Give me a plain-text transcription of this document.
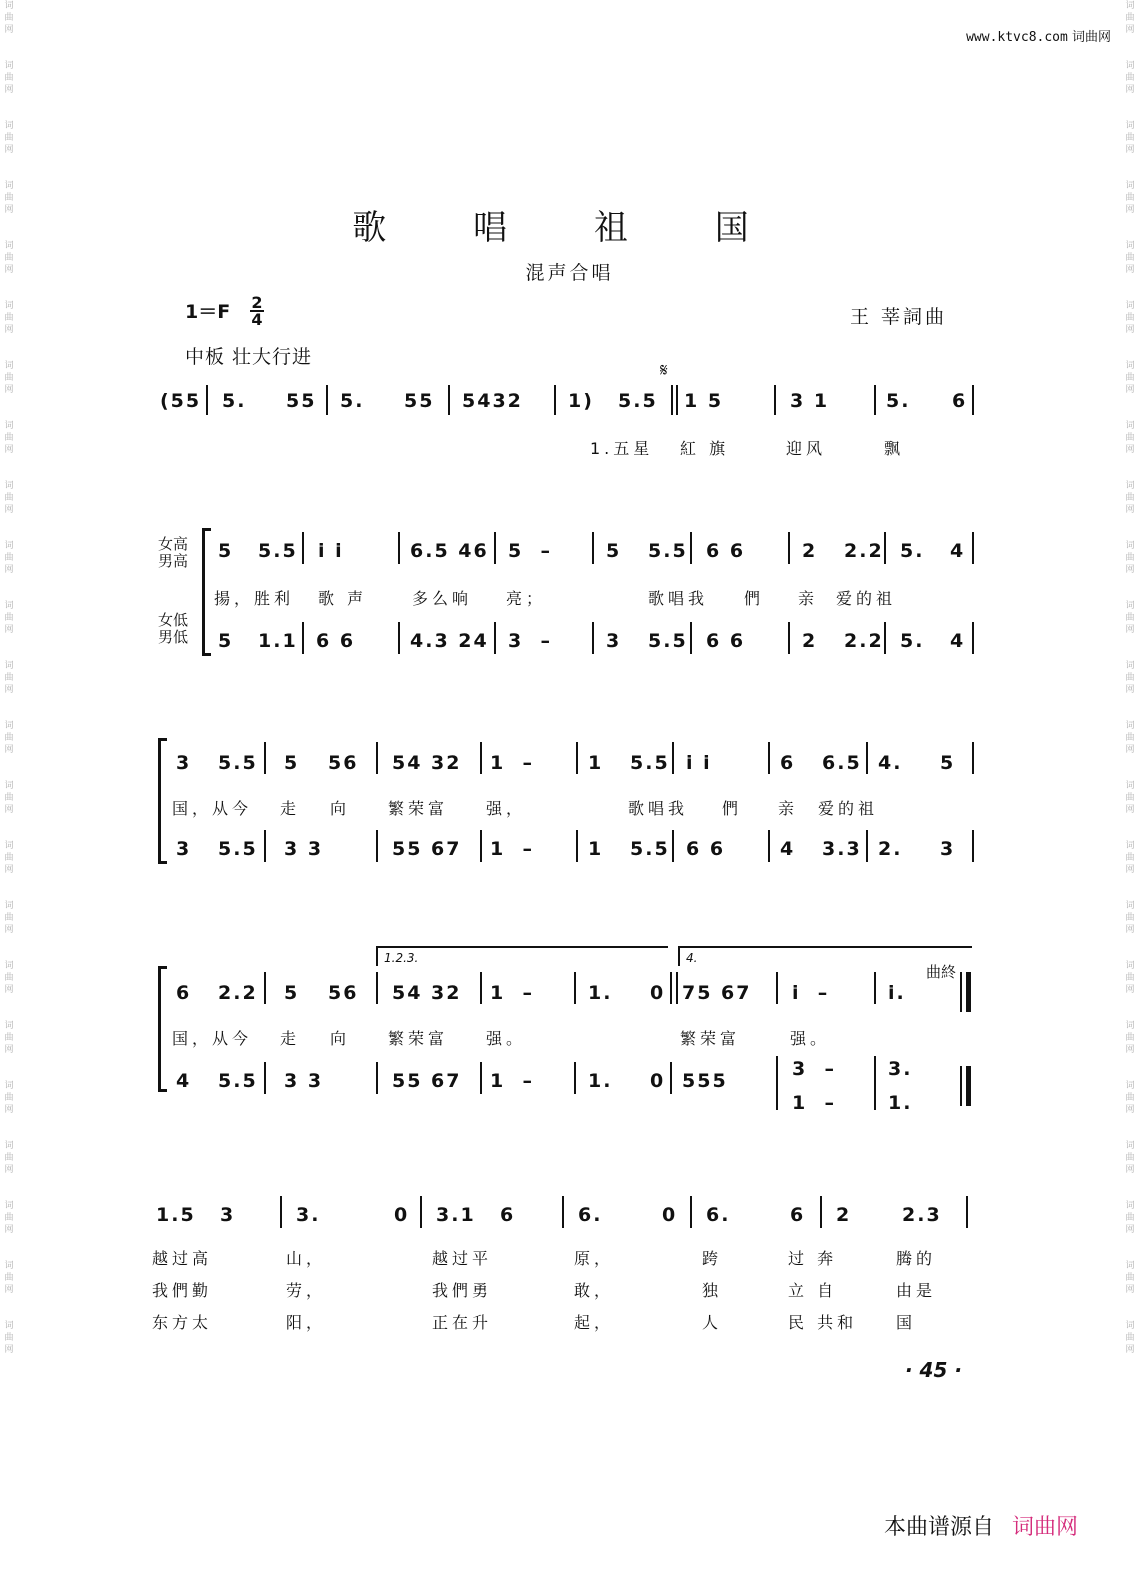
词
曲
网
词
曲
网
词
曲
网
词
曲
网
词
曲
网
词
曲
网
词
曲
网
词
曲
网
词
曲
网
词
曲
网
词
曲
网
词
曲
网
词
曲
网
词
曲
网
词
曲
网
词
曲
网
词
曲
网
词
曲
网
词
曲
网
词
曲
网
词
曲
网
词
曲
网
词
曲
网
词
曲
网
词
曲
网
词
曲
网
词
曲
网
词
曲
网
词
曲
网
词
曲
网
词
曲
网
词
曲
网
词
曲
网
词
曲
网
词
曲
网
词
曲
网
词
曲
网
词
曲
网
词
曲
网
词
曲
网
词
曲
网
词
曲
网
词
曲
网
词
曲
网
词
曲
网
词
曲
网
www.ktvc8.com 词曲网
歌 唱 祖 国
混声合唱
1＝F 2
4	王 莘詞曲
中板 壮大行进
(55 5. 55 5. 55 5432 1) 5.5 1 5	3 1	5. 6
𝄋
1.五星 紅 旗	迎风	飘
女高
男高
女低
男低
5 5.5 i i	6.5 46 5  –	5 5.5 6 6	2 2.2 5. 4
揚，胜利 歌 声	多么响 亮；	歌唱我 們 亲 爱的祖
5 1.1 6 6	4.3 24 3  –	3 5.5 6 6	2 2.2 5. 4
3 5.5 5 56 54 32 1  –	1 5.5 i i	6 6.5 4. 5
国，从今 走 向 繁荣富 强，	歌唱我 們 亲 爱的祖
3 5.5 3 3	55 67 1  –	1 5.5 6 6	4 3.3 2. 3
1.2.3.	4.
曲終
6 2.2 5 56 54 32 1  –	1. 0 75 67 i  –	i.
国，从今 走 向 繁荣富 强。	繁荣富	强。
4 5.5 3 3	55 67 1  –	1. 0 555
3  –	3.
1  –	1.
1.5 3	3.	0 3.1 6	6.	0 6.	6 2	2.3
越过高	山，	越过平	原，	跨	过 奔	腾的
我們勤	劳，	我們勇	敢，	独	立 自	由是
东方太	阳，	正在升	起，	人	民 共和 国
· 45 ·
本曲谱源自 词曲网
